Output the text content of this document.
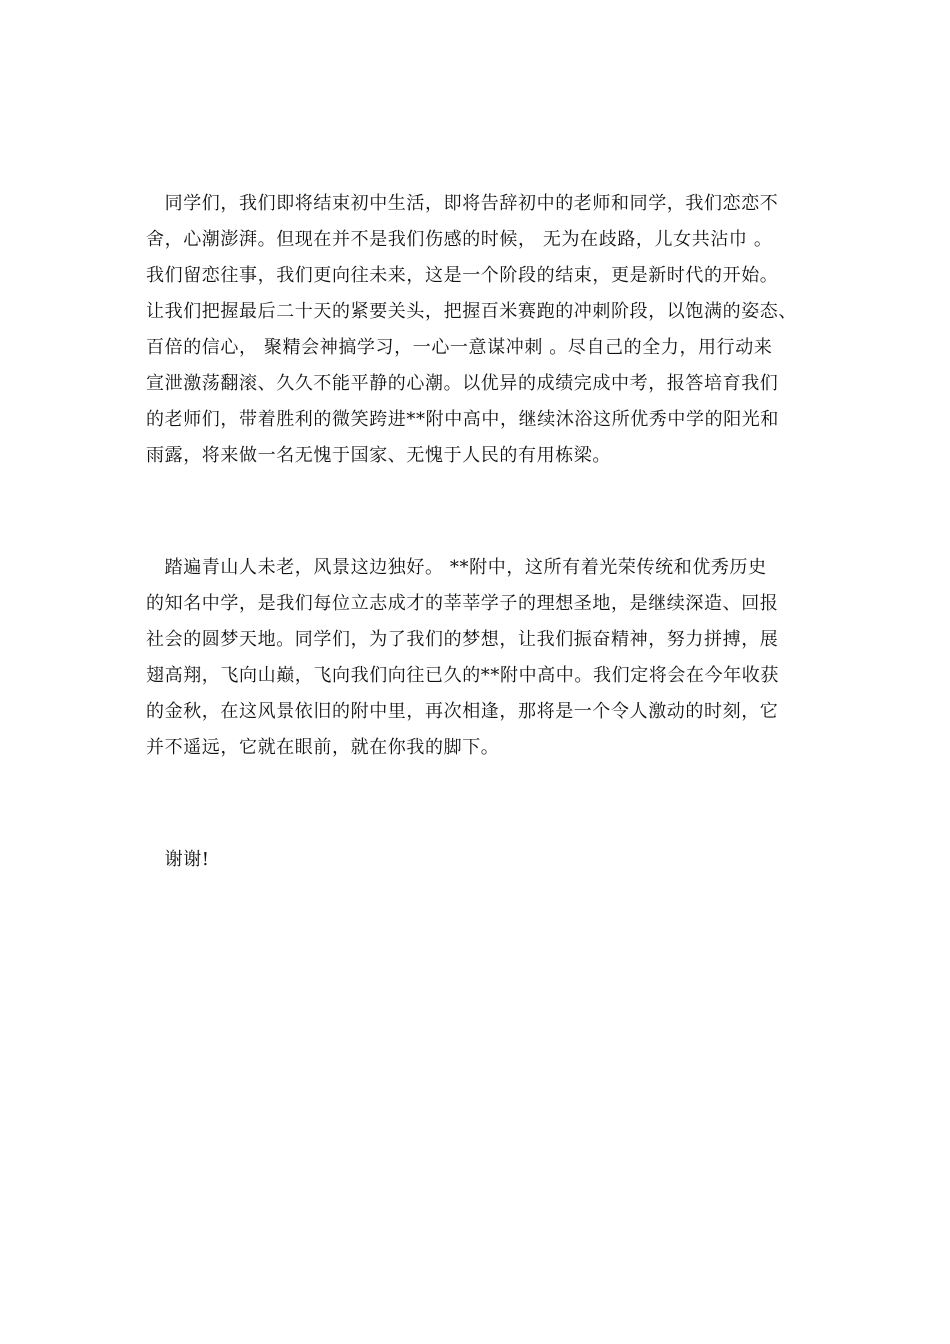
　同学们，我们即将结束初中生活，即将告辞初中的老师和同学，我们恋恋不
舍，心潮澎湃。但现在并不是我们伤感的时候， 无为在歧路，儿女共沾巾 。
我们留恋往事，我们更向往未来，这是一个阶段的结束，更是新时代的开始。
让我们把握最后二十天的紧要关头，把握百米赛跑的冲刺阶段，以饱满的姿态、
百倍的信心， 聚精会神搞学习，一心一意谋冲刺 。尽自己的全力，用行动来
宣泄激荡翻滚、久久不能平静的心潮。以优异的成绩完成中考，报答培育我们
的老师们，带着胜利的微笑跨进**附中高中，继续沐浴这所优秀中学的阳光和
雨露，将来做一名无愧于国家、无愧于人民的有用栋梁。
　踏遍青山人未老，风景这边独好。 **附中，这所有着光荣传统和优秀历史
的知名中学，是我们每位立志成才的莘莘学子的理想圣地，是继续深造、回报
社会的圆梦天地。同学们，为了我们的梦想，让我们振奋精神，努力拼搏，展
翅高翔，飞向山巅，飞向我们向往已久的**附中高中。我们定将会在今年收获
的金秋，在这风景依旧的附中里，再次相逢，那将是一个令人激动的时刻，它
并不遥远，它就在眼前，就在你我的脚下。
　谢谢!
